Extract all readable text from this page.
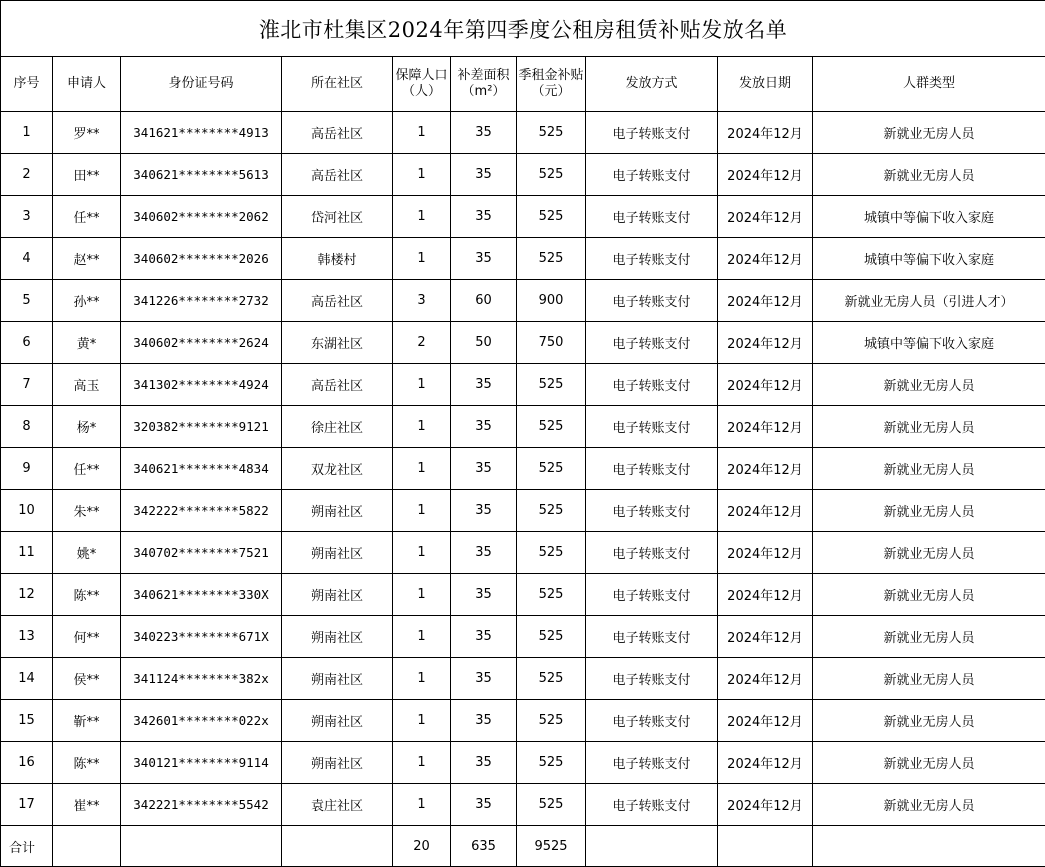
淮北市杜集区2024年第四季度公租房租赁补贴发放名单									
序号	申请人	身份证号码	所在社区	保障人口（人）	补差面积（m²）	季租金补贴（元）	发放方式	发放日期	人群类型
1	罗**	341621********4913	高岳社区	1	35	525	电子转账支付	2024年12月	新就业无房人员
2	田**	340621********5613	高岳社区	1	35	525	电子转账支付	2024年12月	新就业无房人员
3	任**	340602********2062	岱河社区	1	35	525	电子转账支付	2024年12月	城镇中等偏下收入家庭
4	赵**	340602********2026	韩楼村	1	35	525	电子转账支付	2024年12月	城镇中等偏下收入家庭
5	孙**	341226********2732	高岳社区	3	60	900	电子转账支付	2024年12月	新就业无房人员（引进人才）
6	黄*	340602********2624	东湖社区	2	50	750	电子转账支付	2024年12月	城镇中等偏下收入家庭
7	高玉	341302********4924	高岳社区	1	35	525	电子转账支付	2024年12月	新就业无房人员
8	杨*	320382********9121	徐庄社区	1	35	525	电子转账支付	2024年12月	新就业无房人员
9	任**	340621********4834	双龙社区	1	35	525	电子转账支付	2024年12月	新就业无房人员
10	朱**	342222********5822	朔南社区	1	35	525	电子转账支付	2024年12月	新就业无房人员
11	姚*	340702********7521	朔南社区	1	35	525	电子转账支付	2024年12月	新就业无房人员
12	陈**	340621********330X	朔南社区	1	35	525	电子转账支付	2024年12月	新就业无房人员
13	何**	340223********671X	朔南社区	1	35	525	电子转账支付	2024年12月	新就业无房人员
14	侯**	341124********382x	朔南社区	1	35	525	电子转账支付	2024年12月	新就业无房人员
15	靳**	342601********022x	朔南社区	1	35	525	电子转账支付	2024年12月	新就业无房人员
16	陈**	340121********9114	朔南社区	1	35	525	电子转账支付	2024年12月	新就业无房人员
17	崔**	342221********5542	袁庄社区	1	35	525	电子转账支付	2024年12月	新就业无房人员
合计				20	635	9525			
